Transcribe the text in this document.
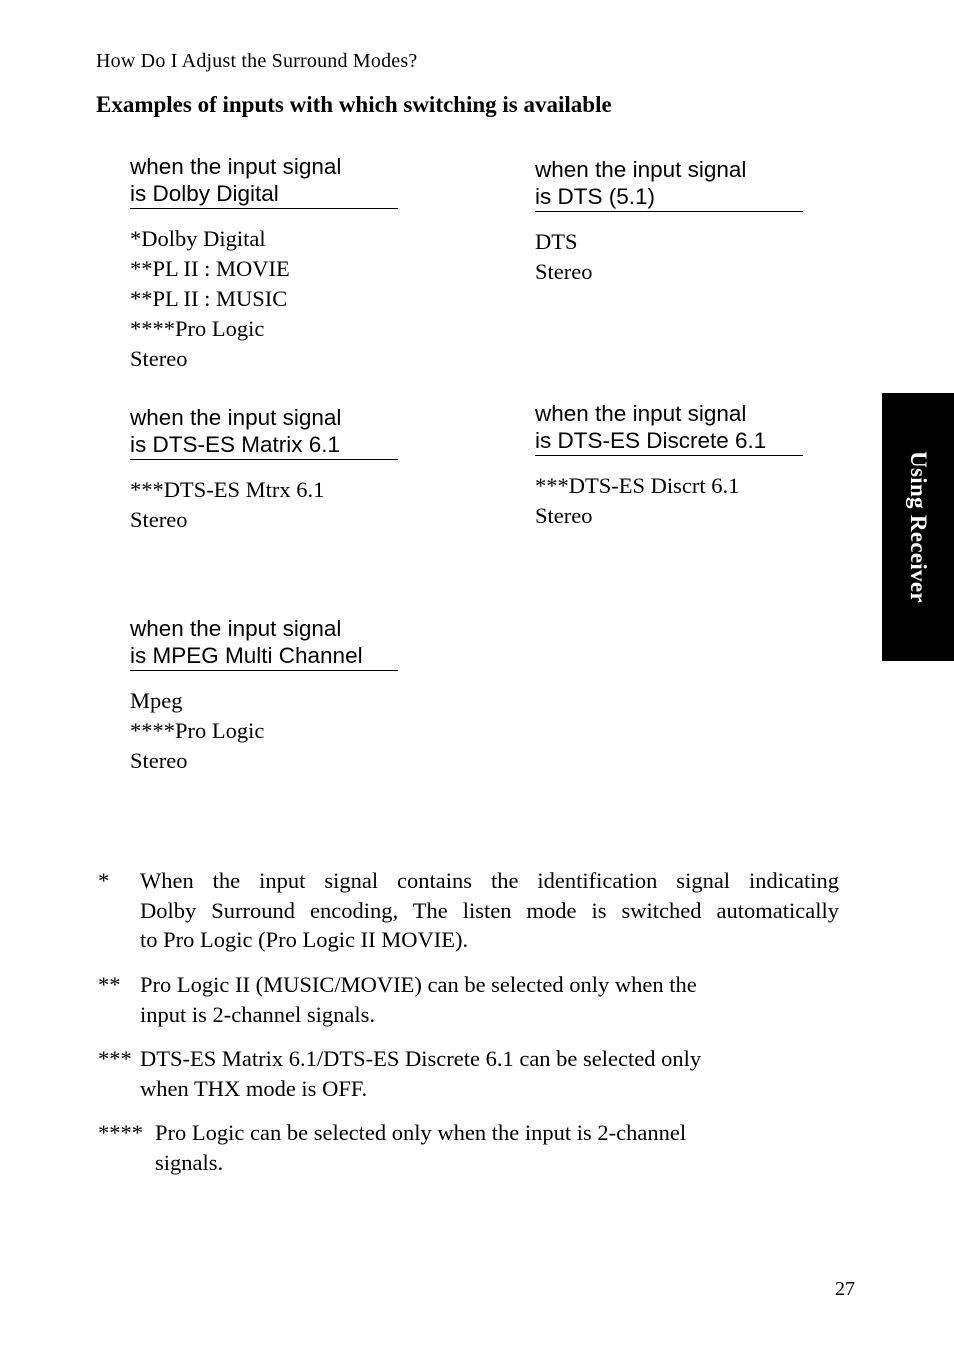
How Do I Adjust the Surround Modes?
Examples of inputs with which switching is available
when the input signal
is Dolby Digital
*Dolby Digital
**PL II : MOVIE
**PL II : MUSIC
****Pro Logic
Stereo
when the input signal
is DTS (5.1)
DTS
Stereo
when the input signal
is DTS-ES Matrix 6.1
***DTS-ES Mtrx 6.1
Stereo
when the input signal
is DTS-ES Discrete 6.1
***DTS-ES Discrt 6.1
Stereo
when the input signal
is MPEG Multi Channel
Mpeg
****Pro Logic
Stereo
Using Receiver
* When the input signal contains the identification signal indicating
Dolby Surround encoding, The listen mode is switched automatically
to Pro Logic (Pro Logic II MOVIE).
** Pro Logic II (MUSIC/MOVIE) can be selected only when the
input is 2-channel signals.
*** DTS-ES Matrix 6.1/DTS-ES Discrete 6.1 can be selected only
when THX mode is OFF.
**** Pro Logic can be selected only when the input is 2-channel
signals.
27
